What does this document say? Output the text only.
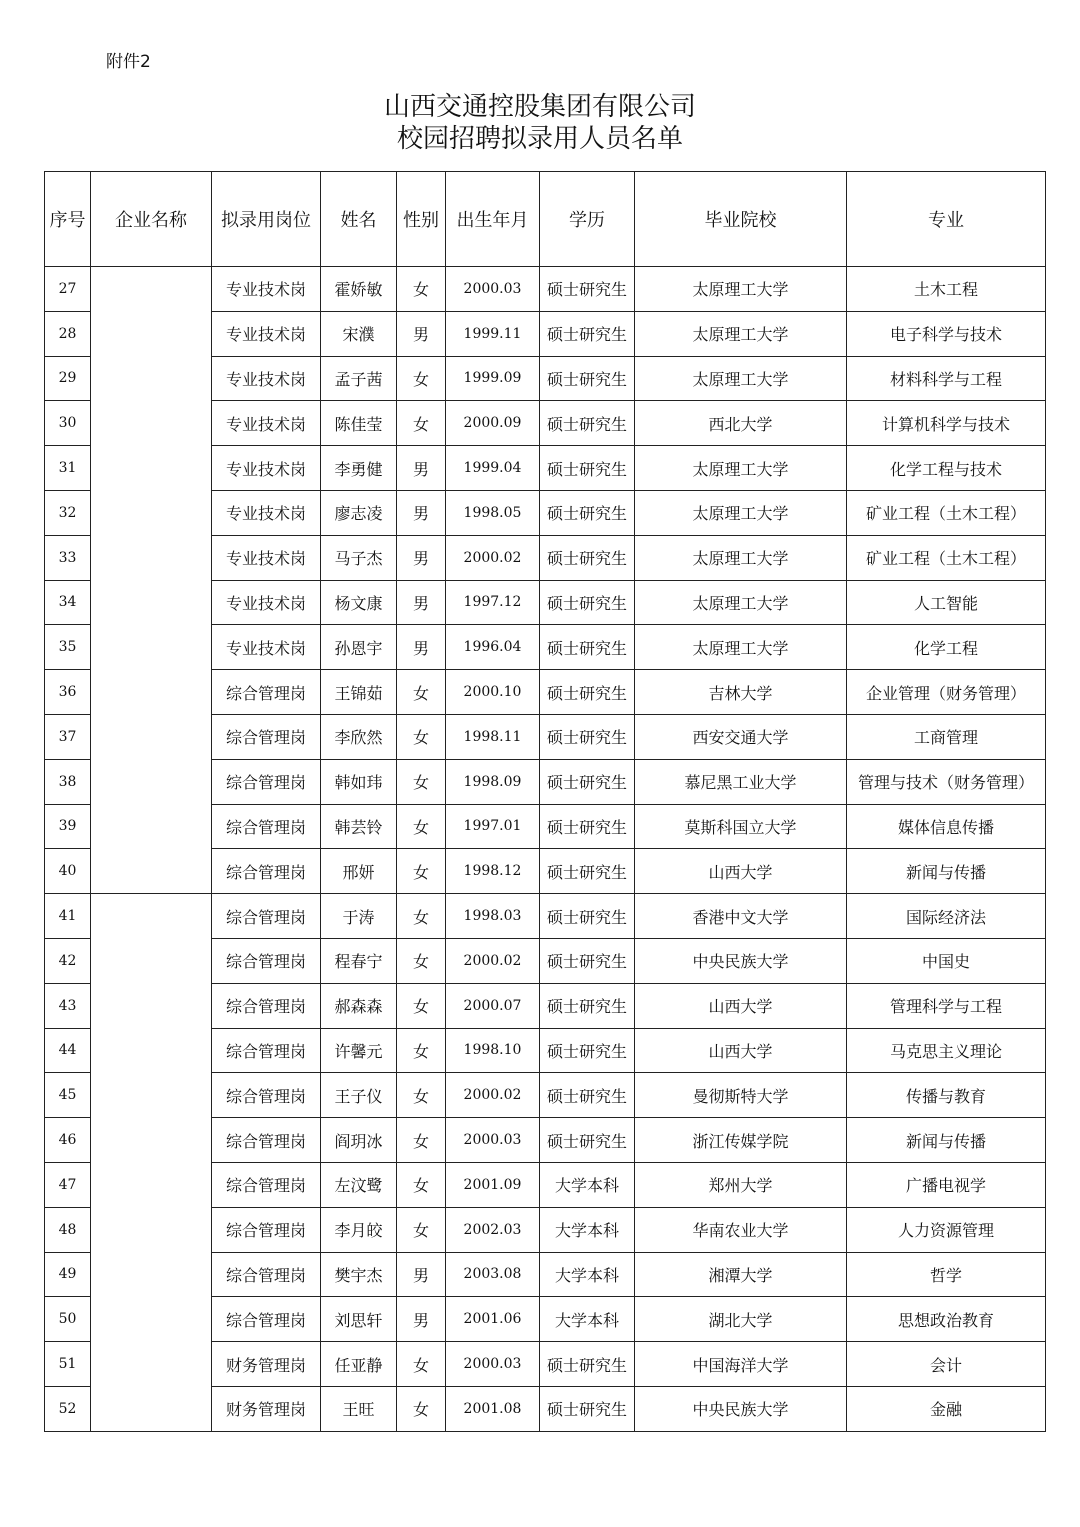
附件2
山西交通控股集团有限公司
校园招聘拟录用人员名单
序号	企业名称	拟录用岗位	姓名	性别	出生年月	学历	毕业院校	专业
27		专业技术岗	霍娇敏	女	2000.03	硕士研究生	太原理工大学	土木工程
28		专业技术岗	宋濮	男	1999.11	硕士研究生	太原理工大学	电子科学与技术
29		专业技术岗	孟子茜	女	1999.09	硕士研究生	太原理工大学	材料科学与工程
30		专业技术岗	陈佳莹	女	2000.09	硕士研究生	西北大学	计算机科学与技术
31		专业技术岗	李勇健	男	1999.04	硕士研究生	太原理工大学	化学工程与技术
32		专业技术岗	廖志凌	男	1998.05	硕士研究生	太原理工大学	矿业工程（土木工程）
33		专业技术岗	马子杰	男	2000.02	硕士研究生	太原理工大学	矿业工程（土木工程）
34		专业技术岗	杨文康	男	1997.12	硕士研究生	太原理工大学	人工智能
35		专业技术岗	孙恩宇	男	1996.04	硕士研究生	太原理工大学	化学工程
36		综合管理岗	王锦茹	女	2000.10	硕士研究生	吉林大学	企业管理（财务管理）
37		综合管理岗	李欣然	女	1998.11	硕士研究生	西安交通大学	工商管理
38		综合管理岗	韩如玮	女	1998.09	硕士研究生	慕尼黑工业大学	管理与技术（财务管理）
39		综合管理岗	韩芸铃	女	1997.01	硕士研究生	莫斯科国立大学	媒体信息传播
40		综合管理岗	邢妍	女	1998.12	硕士研究生	山西大学	新闻与传播
41		综合管理岗	于涛	女	1998.03	硕士研究生	香港中文大学	国际经济法
42		综合管理岗	程春宁	女	2000.02	硕士研究生	中央民族大学	中国史
43		综合管理岗	郝森森	女	2000.07	硕士研究生	山西大学	管理科学与工程
44		综合管理岗	许馨元	女	1998.10	硕士研究生	山西大学	马克思主义理论
45		综合管理岗	王子仪	女	2000.02	硕士研究生	曼彻斯特大学	传播与教育
46		综合管理岗	阎玥冰	女	2000.03	硕士研究生	浙江传媒学院	新闻与传播
47		综合管理岗	左汶鹭	女	2001.09	大学本科	郑州大学	广播电视学
48		综合管理岗	李月皎	女	2002.03	大学本科	华南农业大学	人力资源管理
49		综合管理岗	樊宇杰	男	2003.08	大学本科	湘潭大学	哲学
50		综合管理岗	刘思轩	男	2001.06	大学本科	湖北大学	思想政治教育
51		财务管理岗	任亚静	女	2000.03	硕士研究生	中国海洋大学	会计
52		财务管理岗	王旺	女	2001.08	硕士研究生	中央民族大学	金融
